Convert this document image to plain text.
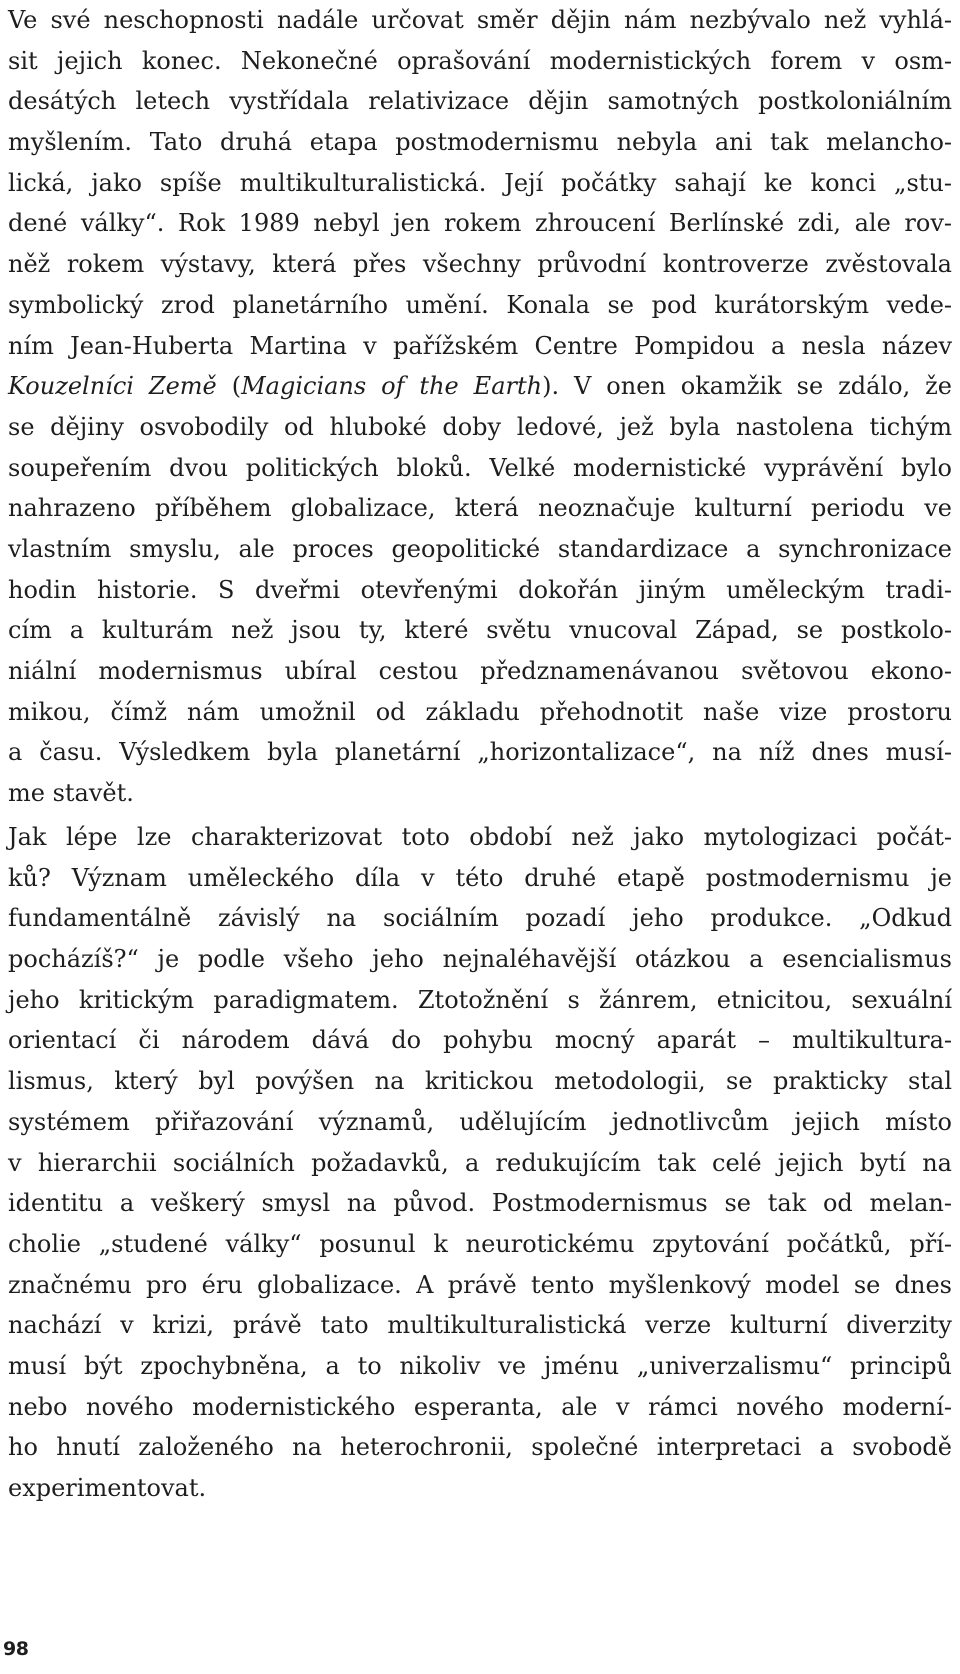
Ve své neschopnosti nadále určovat směr dějin nám nezbývalo než vyhlá-
sit jejich konec. Nekonečné oprašování modernistických forem v osm-
desátých letech vystřídala relativizace dějin samotných postkoloniálním
myšlením. Tato druhá etapa postmodernismu nebyla ani tak melancho-
lická, jako spíše multikulturalistická. Její počátky sahají ke konci „stu-
dené války“. Rok 1989 nebyl jen rokem zhroucení Berlínské zdi, ale rov-
něž rokem výstavy, která přes všechny průvodní kontroverze zvěstovala
symbolický zrod planetárního umění. Konala se pod kurátorským vede-
ním Jean-Huberta Martina v pařížském Centre Pompidou a nesla název
Kouzelníci Země (Magicians of the Earth). V onen okamžik se zdálo, že
se dějiny osvobodily od hluboké doby ledové, jež byla nastolena tichým
soupeřením dvou politických bloků. Velké modernistické vyprávění bylo
nahrazeno příběhem globalizace, která neoznačuje kulturní periodu ve
vlastním smyslu, ale proces geopolitické standardizace a synchronizace
hodin historie. S dveřmi otevřenými dokořán jiným uměleckým tradi-
cím a kulturám než jsou ty, které světu vnucoval Západ, se postkolo-
niální modernismus ubíral cestou předznamenávanou světovou ekono-
mikou, čímž nám umožnil od základu přehodnotit naše vize prostoru
a času. Výsledkem byla planetární „horizontalizace“, na níž dnes musí-
me stavět.
Jak lépe lze charakterizovat toto období než jako mytologizaci počát-
ků? Význam uměleckého díla v této druhé etapě postmodernismu je
fundamentálně závislý na sociálním pozadí jeho produkce. „Odkud
pocházíš?“ je podle všeho jeho nejnaléhavější otázkou a esencialismus
jeho kritickým paradigmatem. Ztotožnění s žánrem, etnicitou, sexuální
orientací či národem dává do pohybu mocný aparát – multikultura-
lismus, který byl povýšen na kritickou metodologii, se prakticky stal
systémem přiřazování významů, udělujícím jednotlivcům jejich místo
v hierarchii sociálních požadavků, a redukujícím tak celé jejich bytí na
identitu a veškerý smysl na původ. Postmodernismus se tak od melan-
cholie „studené války“ posunul k neurotickému zpytování počátků, pří-
značnému pro éru globalizace. A právě tento myšlenkový model se dnes
nachází v krizi, právě tato multikulturalistická verze kulturní diverzity
musí být zpochybněna, a to nikoliv ve jménu „univerzalismu“ principů
nebo nového modernistického esperanta, ale v rámci nového moderní-
ho hnutí založeného na heterochronii, společné interpretaci a svobodě
experimentovat.
98
